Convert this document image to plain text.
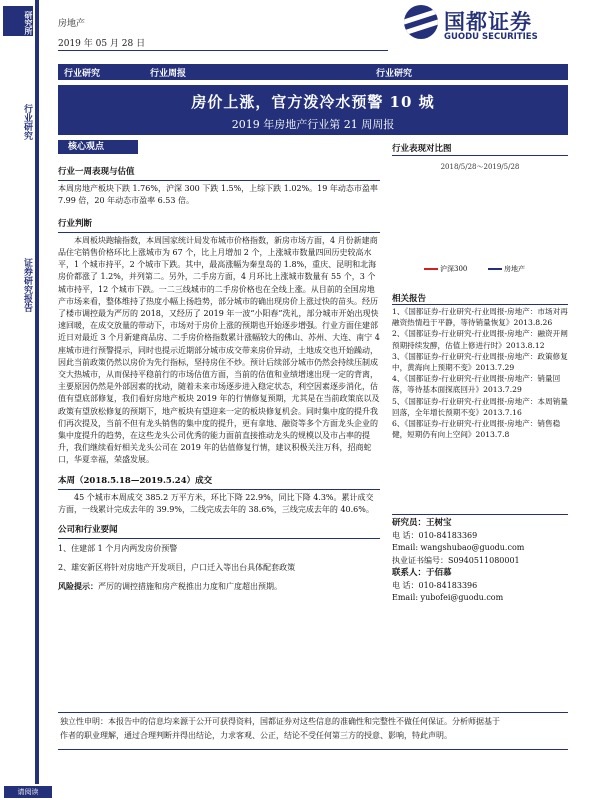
研究所
行业研究
证券研究报告
房地产
2019 年 05 月 28 日
国都证券
GUODU SECURITIES
行业研究	行业周报	行业研究
房价上涨，官方泼冷水预警 10 城
2019 年房地产行业第 21 周周报
核心观点
行业一周表现与估值

本周房地产板块下跌 1.76%，沪深 300 下跌 1.5%，上综下跌 1.02%。19 年动态市盈率 7.99 倍，20 年动态市盈率 6.53 倍。

行业判断

本周板块跑输指数，本周国家统计局发布城市价格指数，新房市场方面，4 月份新建商品住宅销售价格环比上涨城市为 67 个，比上月增加 2 个，上涨城市数量四回历史较高水平，1 个城市持平，2 个城市下跌。其中，最高涨幅为秦皇岛的 1.8%，重庆、昆明和北海房价都涨了 1.2%，并列第二。另外，二手房方面，4 月环比上涨城市数量有 55 个，3 个城市持平，12 个城市下跌。一二三线城市的二手房价格也在全线上涨。从目前的全国房地产市场来看，整体维持了热度小幅上扬趋势，部分城市的确出现房价上涨过快的苗头。经历了楼市调控最为严厉的 2018，又经历了 2019 年一波“小阳春”洗礼，部分城市开始出现快速回暖，在成交放量的带动下，市场对于房价上涨的预期也开始逐步增强。行业方面住建部近日对最近 3 个月新建商品房、二手房价格指数累计涨幅较大的佛山、苏州、大连、南宁 4 座城市进行预警提示，同时也提示近期部分城市成交带来房价异动，土地成交也开始躁动，因此当前政策仍然以房价为先行指标，坚持房住不炒。预计后续部分城市仍然会持续压制成交大热城市，从而保持平稳前行的市场估值方面，当前的估值和业绩增速出现一定的背离，主要原因仍然是外部因素的扰动，随着未来市场逐步进入稳定状态，利空因素逐步消化，估值有望底部修复，我们看好房地产板块 2019 年的行情修复预期，尤其是在当前政策底以及政策有望放松修复的预期下，地产板块有望迎来一定的板块修复机会。同时集中度的提升我们再次提及，当前不但有龙头销售的集中度的提升，更有拿地、融资等多个方面龙头企业的集中度提升的趋势，在这些龙头公司优秀的能力面前直接推动龙头的规模以及市占率的提升，我们继续看好相关龙头公司在 2019 年的估值修复行情，建议积极关注万科，招商蛇口，华夏幸福，荣盛发展。

本周（2018.5.18—2019.5.24）成交

45 个城市本周成交 385.2 万平方米，环比下降 22.9%，同比下降 4.3%。累计成交方面，一线累计完成去年的 39.9%，二线完成去年的 38.6%，三线完成去年的 40.6%。

公司和行业要闻

1、住建部 1 个月内两发房价预警

2、雄安新区将针对房地产开发项目，户口迁入等出台具体配套政策

风险提示：严厉的调控措施和房产税推出力度和广度超出预期。

行业表现对比图
2018/5/28～2019/5/28
沪深300	房地产
相关报告

1、《国都证券-行业研究-行业周报-房地产：市场对再融资热情趋于平静，等待销量恢复》2013.8.26

2、《国都证券-行业研究-行业周报-房地产：融资开闸预期持续发酵，估值上修进行时》2013.8.12

3、《国都证券-行业研究-行业周报-房地产：政策修复中，黄海向上预期不变》2013.7.29

4、《国都证券-行业研究-行业周报-房地产：销量回落，等待基本面探底回升》2013.7.29

5、《国都证券-行业研究-行业周报-房地产：本周销量回落，全年增长预期不变》2013.7.16

6、《国都证券-行业研究-行业周报-房地产：销售稳健，短期仍有向上空间》2013.7.8

研究员：王树宝

电 话：010-84183369

Email: wangshubao@guodu.com

执业证书编号：S0940511080001

联系人：于佰慕

电 话：010-84183396

Email: yubofei@guodu.com

独立性申明：本报告中的信息均来源于公开可获得资料，国都证券对这些信息的准确性和完整性不做任何保证。分析师据基于

作者的职业理解，通过合理判断并得出结论，力求客观、公正，结论不受任何第三方的授意、影响，特此声明。

请阅读
